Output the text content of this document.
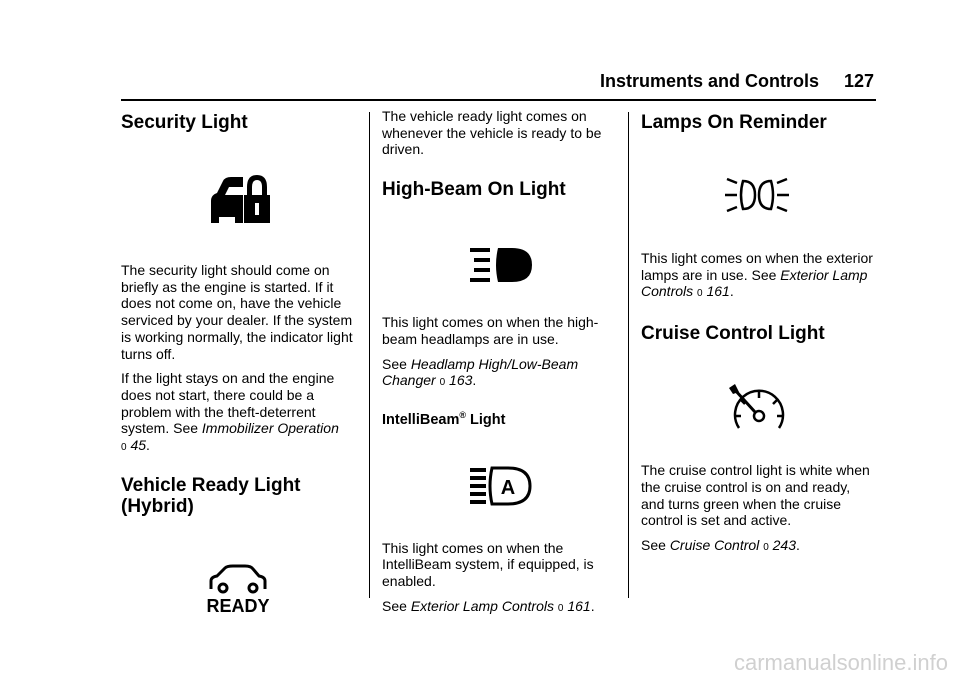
Instruments and Controls 127
Security Light

The security light should come on briefly as the engine is started. If it does not come on, have the vehicle serviced by your dealer. If the system is working normally, the indicator light turns off.

If the light stays on and the engine does not start, there could be a problem with the theft-deterrent system. See Immobilizer Operation
0 45.

Vehicle Ready Light
(Hybrid)
READY

The vehicle ready light comes on whenever the vehicle is ready to be driven.

High-Beam On Light

This light comes on when the high-beam headlamps are in use.

See Headlamp High/Low-Beam Changer 0 163.

IntelliBeam® Light
A

This light comes on when the IntelliBeam system, if equipped, is enabled.

See Exterior Lamp Controls 0 161.

Lamps On Reminder

This light comes on when the exterior lamps are in use. See Exterior Lamp Controls 0 161.

Cruise Control Light

The cruise control light is white when the cruise control is on and ready, and turns green when the cruise control is set and active.

See Cruise Control 0 243.

carmanualsonline.info
